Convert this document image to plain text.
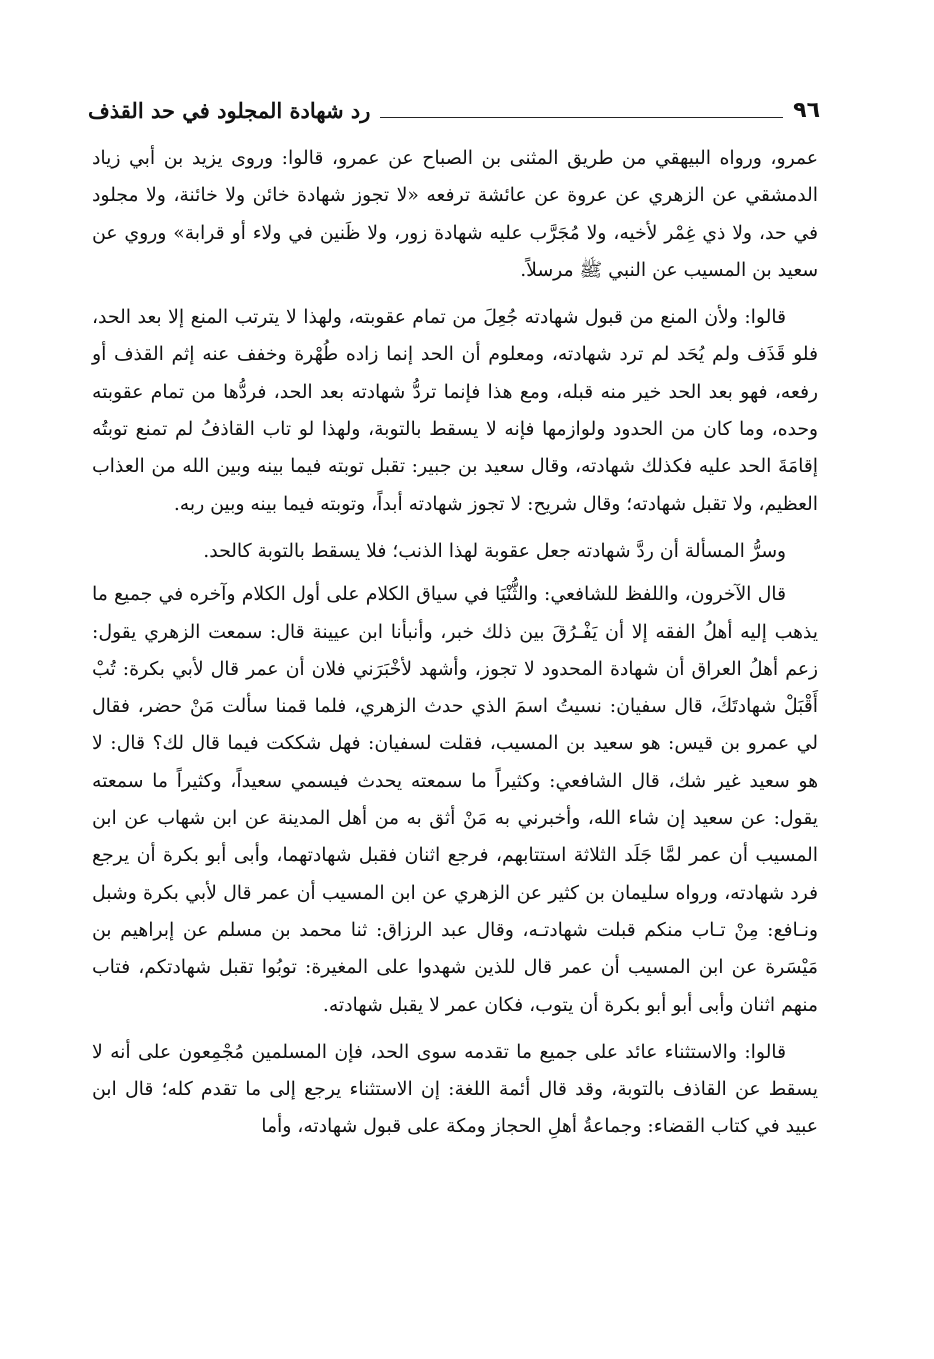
٩٦
رد شهادة المجلود في حد القذف

عمرو، ورواه البيهقي من طريق المثنى بن الصباح عن عمرو، قالوا: وروى يزيد بن أبي زياد الدمشقي عن الزهري عن عروة عن عائشة ترفعه «لا تجوز شهادة خائن ولا خائنة، ولا مجلود في حد، ولا ذي غِمْر لأخيه، ولا مُجَرَّب عليه شهادة زور، ولا ظَنين في ولاء أو قرابة» وروي عن سعيد بن المسيب عن النبي ﷺ مرسلاً.

قالوا: ولأن المنع من قبول شهادته جُعِلَ من تمام عقوبته، ولهذا لا يترتب المنع إلا بعد الحد، فلو قَذَف ولم يُحَد لم ترد شهادته، ومعلوم أن الحد إنما زاده طُهْرة وخفف عنه إثم القذف أو رفعه، فهو بعد الحد خير منه قبله، ومع هذا فإنما تردُّ شهادته بعد الحد، فردُّها من تمام عقوبته وحده، وما كان من الحدود ولوازمها فإنه لا يسقط بالتوبة، ولهذا لو تاب القاذفُ لم تمنع توبتُه إقامَةَ الحد عليه فكذلك شهادته، وقال سعيد بن جبير: تقبل توبته فيما بينه وبين الله من العذاب العظيم، ولا تقبل شهادته؛ وقال شريح: لا تجوز شهادته أبداً، وتوبته فيما بينه وبين ربه.

وسرُّ المسألة أن ردَّ شهادته جعل عقوبة لهذا الذنب؛ فلا يسقط بالتوبة كالحد.

قال الآخرون، واللفظ للشافعي: والثُّنْيَا في سياق الكلام على أول الكلام وآخره في جميع ما يذهب إليه أهلُ الفقه إلا أن يَفْـرُقَ بين ذلك خبر، وأنبأنا ابن عيينة قال: سمعت الزهري يقول: زعم أهلُ العراق أن شهادة المحدود لا تجوز، وأشهد لأخْبَرَني فلان أن عمر قال لأبي بكرة: تُبْ أَقْبَلْ شهادتَكَ، قال سفيان: نسيتُ اسمَ الذي حدث الزهري، فلما قمنا سألت مَنْ حضر، فقال لي عمرو بن قيس: هو سعيد بن المسيب، فقلت لسفيان: فهل شككت فيما قال لك؟ قال: لا هو سعيد غير شك، قال الشافعي: وكثيراً ما سمعته يحدث فيسمي سعيداً، وكثيراً ما سمعته يقول: عن سعيد إن شاء الله، وأخبرني به مَنْ أثق به من أهل المدينة عن ابن شهاب عن ابن المسيب أن عمر لمَّا جَلَد الثلاثة استتابهم، فرجع اثنان فقبل شهادتهما، وأبى أبو بكرة أن يرجع فرد شهادته، ورواه سليمان بن كثير عن الزهري عن ابن المسيب أن عمر قال لأبي بكرة وشبل ونـافع: مِنْ تـاب منكم قبلت شهادتـه، وقال عبد الرزاق: ثنا محمد بن مسلم عن إبراهيم بن مَيْسَرة عن ابن المسيب أن عمر قال للذين شهدوا على المغيرة: توبُوا تقبل شهادتكم، فتاب منهم اثنان وأبى أبو أبو بكرة أن يتوب، فكان عمر لا يقبل شهادته.

قالوا: والاستثناء عائد على جميع ما تقدمه سوى الحد، فإن المسلمين مُجْمِعون على أنه لا يسقط عن القاذف بالتوبة، وقد قال أئمة اللغة: إن الاستثناء يرجع إلى ما تقدم كله؛ قال ابن عبيد في كتاب القضاء: وجماعةُ أهلِ الحجاز ومكة على قبول شهادته، وأما
